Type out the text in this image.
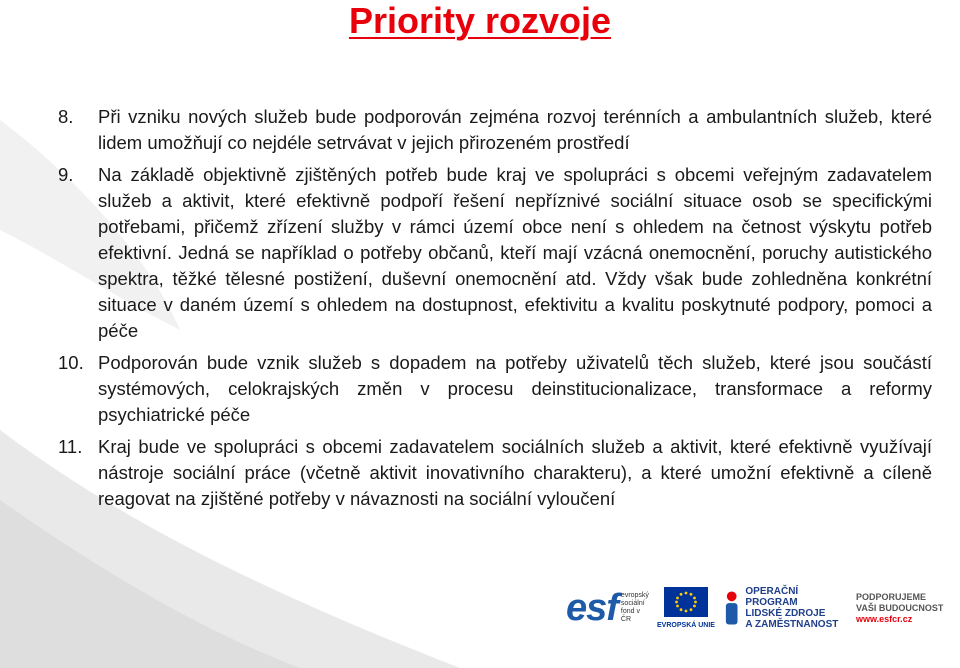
Priority rozvoje
8.	Při vzniku nových služeb bude podporován zejména rozvoj terénních a ambulantních služeb, které lidem umožňují co nejdéle setrvávat v jejich přirozeném prostředí
9.	Na základě objektivně zjištěných potřeb bude kraj ve spolupráci s obcemi veřejným zadavatelem služeb a aktivit, které efektivně podpoří řešení nepříznivé sociální situace osob se specifickými potřebami, přičemž zřízení služby v rámci území obce není s ohledem na četnost výskytu potřeb efektivní. Jedná se například o potřeby občanů, kteří mají vzácná onemocnění, poruchy autistického spektra, těžké tělesné postižení, duševní onemocnění atd. Vždy však bude zohledněna konkrétní situace v daném území s ohledem na dostupnost, efektivitu a kvalitu poskytnuté podpory, pomoci a péče
10. Podporován bude vznik služeb s dopadem na potřeby uživatelů těch služeb, které jsou součástí systémových, celokrajských změn v procesu deinstitucionalizace, transformace a reformy psychiatrické péče
11. Kraj bude ve spolupráci s obcemi zadavatelem sociálních služeb a aktivit, které efektivně využívají nástroje sociální práce (včetně aktivit inovativního charakteru), a které umožní efektivně a cíleně reagovat na zjištěné potřeby v návaznosti na sociální vyloučení
esf evropský
sociální
fond v ČR
EVROPSKÁ UNIE
OPERAČNÍ PROGRAM
LIDSKÉ ZDROJE
A ZAMĚSTNANOST
PODPORUJEME
VAŠI BUDOUCNOST
www.esfcr.cz
